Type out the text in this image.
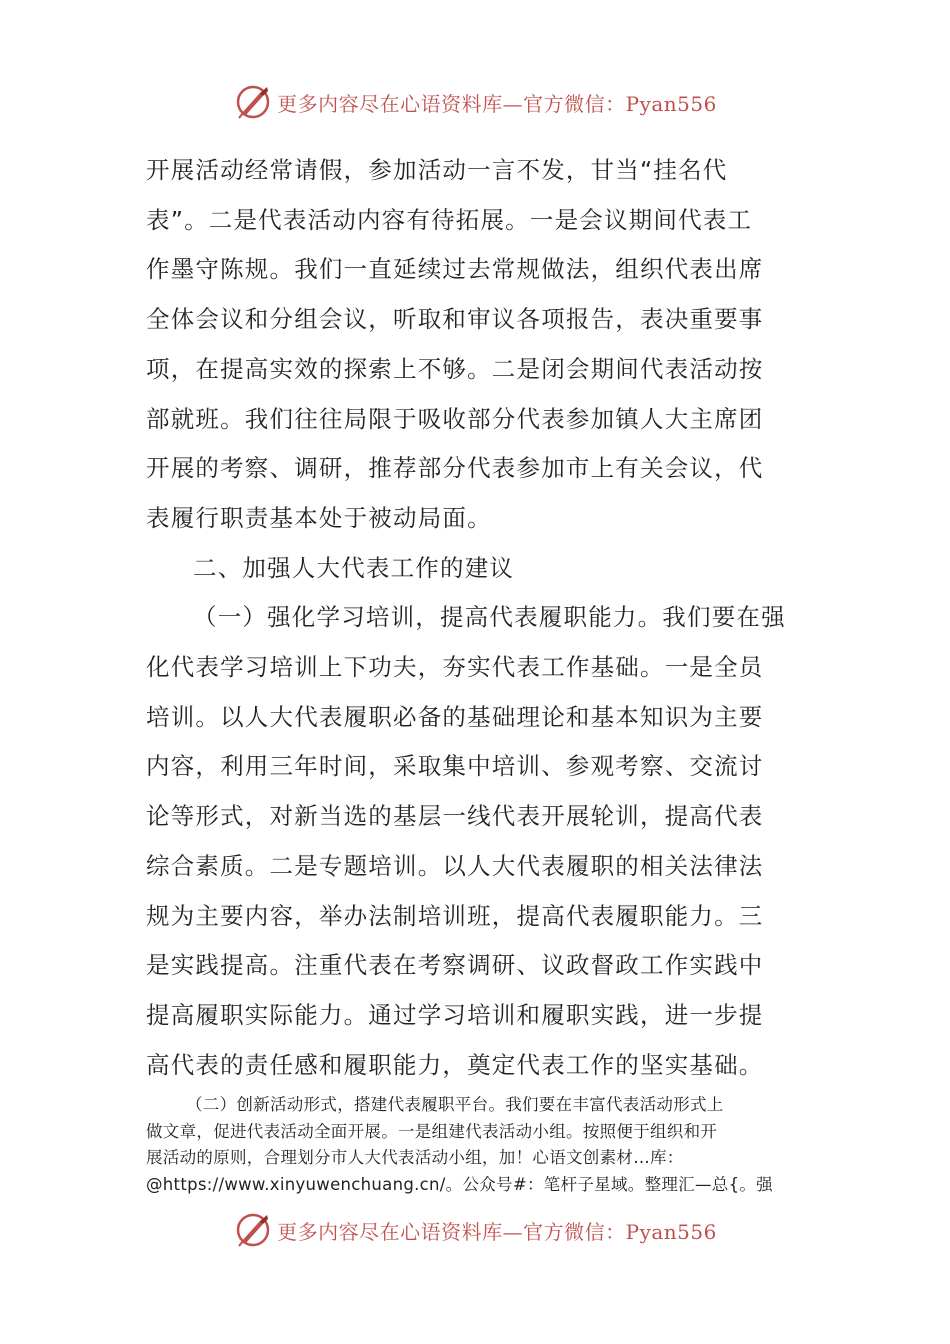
更多内容尽在心语资料库—官方微信：Pyan556

开展活动经常请假，参加活动一言不发，甘当“挂名代
表”。二是代表活动内容有待拓展。一是会议期间代表工
作墨守陈规。我们一直延续过去常规做法，组织代表出席
全体会议和分组会议，听取和审议各项报告，表决重要事
项，在提高实效的探索上不够。二是闭会期间代表活动按
部就班。我们往往局限于吸收部分代表参加镇人大主席团
开展的考察、调研，推荐部分代表参加市上有关会议，代
表履行职责基本处于被动局面。

二、加强人大代表工作的建议

（一）强化学习培训，提高代表履职能力。我们要在强
化代表学习培训上下功夫，夯实代表工作基础。一是全员
培训。以人大代表履职必备的基础理论和基本知识为主要
内容，利用三年时间，采取集中培训、参观考察、交流讨
论等形式，对新当选的基层一线代表开展轮训，提高代表
综合素质。二是专题培训。以人大代表履职的相关法律法
规为主要内容，举办法制培训班，提高代表履职能力。三
是实践提高。注重代表在考察调研、议政督政工作实践中
提高履职实际能力。通过学习培训和履职实践，进一步提
高代表的责任感和履职能力，奠定代表工作的坚实基础。

（二）创新活动形式，搭建代表履职平台。我们要在丰富代表活动形式上
做文章，促进代表活动全面开展。一是组建代表活动小组。按照便于组织和开
展活动的原则，合理划分市人大代表活动小组，加！心语文创素材…库：
@https://www.xinyuwenchuang.cn/。公众号#：笔杆子星域。整理汇—总{。强

更多内容尽在心语资料库—官方微信：Pyan556
